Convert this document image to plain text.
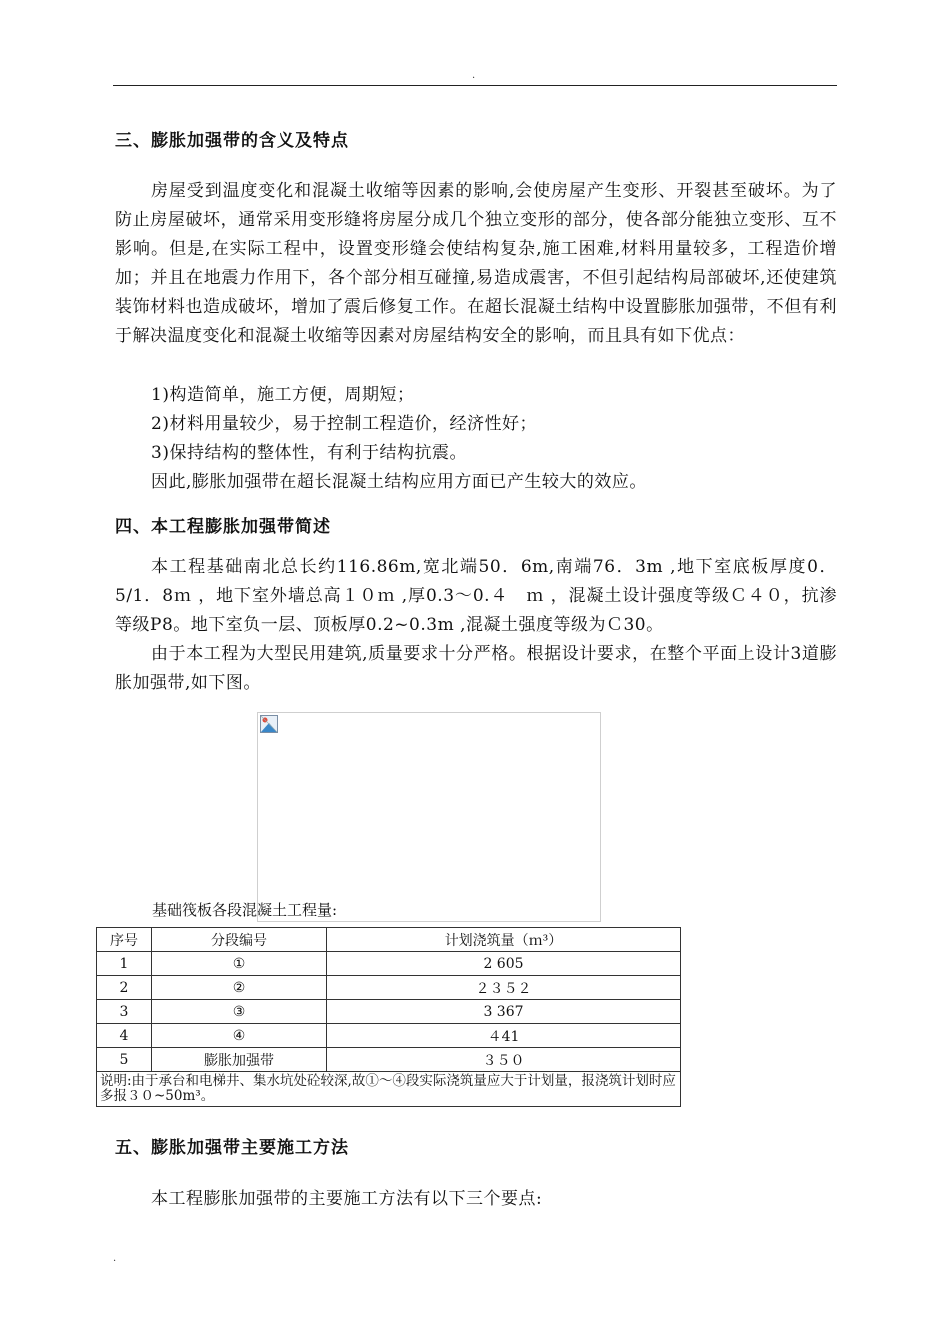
.
三、膨胀加强带的含义及特点

房屋受到温度变化和混凝土收缩等因素的影响,会使房屋产生变形、开裂甚至破坏。为了防止房屋破坏，通常采用变形缝将房屋分成几个独立变形的部分，使各部分能独立变形、互不影响。但是,在实际工程中，设置变形缝会使结构复杂,施工困难,材料用量较多，工程造价增加；并且在地震力作用下，各个部分相互碰撞,易造成震害，不但引起结构局部破坏,还使建筑装饰材料也造成破坏，增加了震后修复工作。在超长混凝土结构中设置膨胀加强带，不但有利于解决温度变化和混凝土收缩等因素对房屋结构安全的影响，而且具有如下优点：

1)构造简单，施工方便，周期短；
2)材料用量较少，易于控制工程造价，经济性好；
3)保持结构的整体性，有利于结构抗震。
因此,膨胀加强带在超长混凝土结构应用方面已产生较大的效应。
四、本工程膨胀加强带简述

本工程基础南北总长约116.86m,宽北端50．6m,南端76．3m ,地下室底板厚度0．5/1．8ｍ ，地下室外墙总高１０ｍ ,厚0.3～0.４　ｍ ，混凝土设计强度等级Ｃ４０，抗渗等级P8。地下室负一层、顶板厚0.2~0.3m ,混凝土强度等级为Ｃ30。

由于本工程为大型民用建筑,质量要求十分严格。根据设计要求，在整个平面上设计3道膨胀加强带,如下图。

基础筏板各段混凝土工程量:
序号	分段编号	计划浇筑量（ｍ³）
1	①	2 605
2	②	２３５２
3	③	3 367
4	④	４41
5	膨胀加强带	３５０
说明:由于承台和电梯井、集水坑处砼较深,故①～④段实际浇筑量应大于计划量，报浇筑计划时应多报３０~50m³。		
五、膨胀加强带主要施工方法

本工程膨胀加强带的主要施工方法有以下三个要点:

.
